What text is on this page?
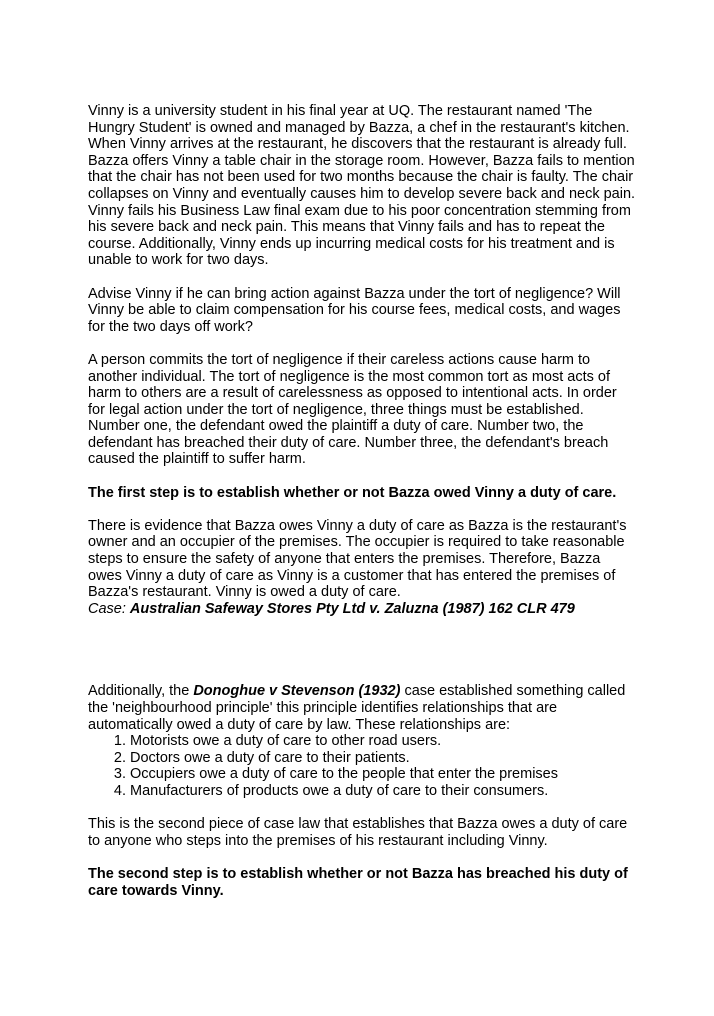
Vinny is a university student in his final year at UQ. The restaurant named 'The Hungry Student' is owned and managed by Bazza, a chef in the restaurant's kitchen. When Vinny arrives at the restaurant, he discovers that the restaurant is already full. Bazza offers Vinny a table chair in the storage room. However, Bazza fails to mention that the chair has not been used for two months because the chair is faulty. The chair collapses on Vinny and eventually causes him to develop severe back and neck pain. Vinny fails his Business Law final exam due to his poor concentration stemming from his severe back and neck pain. This means that Vinny fails and has to repeat the course. Additionally, Vinny ends up incurring medical costs for his treatment and is unable to work for two days.

Advise Vinny if he can bring action against Bazza under the tort of negligence? Will Vinny be able to claim compensation for his course fees, medical costs, and wages for the two days off work?

A person commits the tort of negligence if their careless actions cause harm to another individual. The tort of negligence is the most common tort as most acts of harm to others are a result of carelessness as opposed to intentional acts. In order for legal action under the tort of negligence, three things must be established. Number one, the defendant owed the plaintiff a duty of care. Number two, the defendant has breached their duty of care. Number three, the defendant's breach caused the plaintiff to suffer harm.

The first step is to establish whether or not Bazza owed Vinny a duty of care.

There is evidence that Bazza owes Vinny a duty of care as Bazza is the restaurant's owner and an occupier of the premises. The occupier is required to take reasonable steps to ensure the safety of anyone that enters the premises. Therefore, Bazza owes Vinny a duty of care as Vinny is a customer that has entered the premises of Bazza's restaurant. Vinny is owed a duty of care.

Case: Australian Safeway Stores Pty Ltd v. Zaluzna (1987) 162 CLR 479

Additionally, the Donoghue v Stevenson (1932) case established something called the 'neighbourhood principle' this principle identifies relationships that are automatically owed a duty of care by law. These relationships are:

1. Motorists owe a duty of care to other road users.
2. Doctors owe a duty of care to their patients.
3. Occupiers owe a duty of care to the people that enter the premises
4. Manufacturers of products owe a duty of care to their consumers.

This is the second piece of case law that establishes that Bazza owes a duty of care to anyone who steps into the premises of his restaurant including Vinny.

The second step is to establish whether or not Bazza has breached his duty of care towards Vinny.
